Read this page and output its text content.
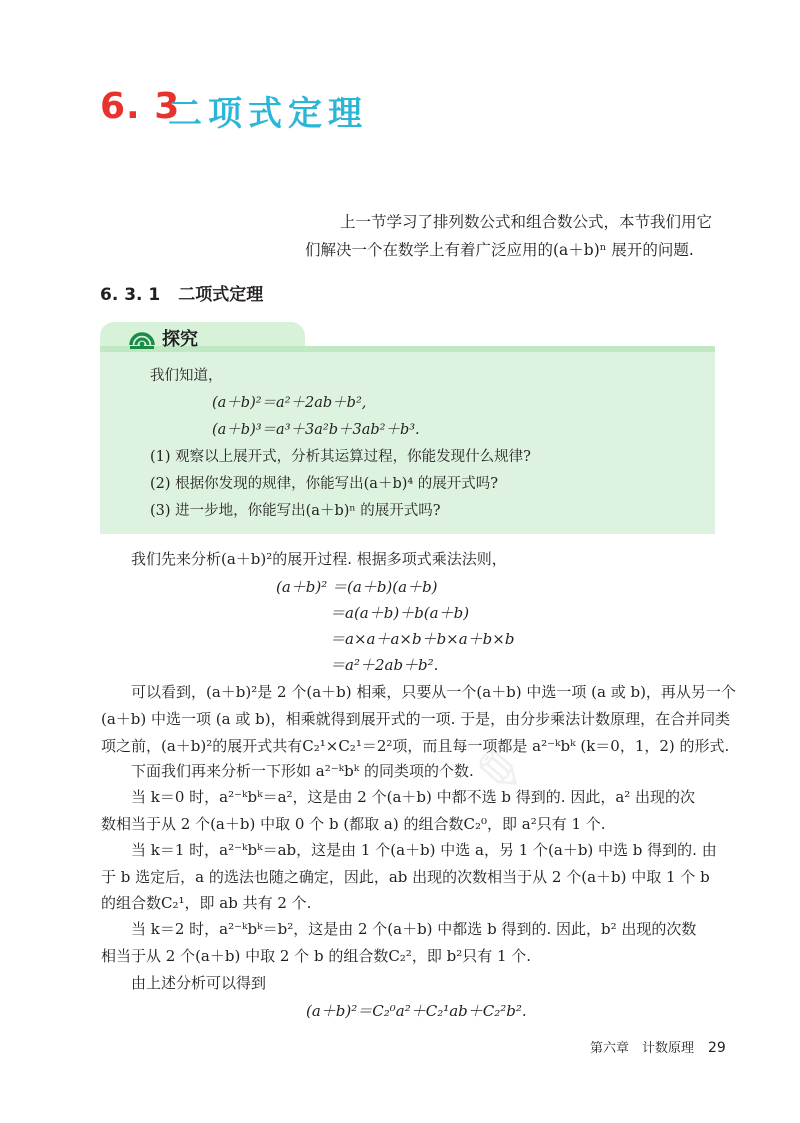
6. 3
二项式定理
上一节学习了排列数公式和组合数公式，本节我们用它
们解决一个在数学上有着广泛应用的(a＋b)ⁿ 展开的问题.
6. 3. 1 二项式定理
探究
我们知道，
(a＋b)²＝a²＋2ab＋b²,
(a＋b)³＝a³＋3a²b＋3ab²＋b³.
(1) 观察以上展开式，分析其运算过程，你能发现什么规律?
(2) 根据你发现的规律，你能写出(a＋b)⁴ 的展开式吗?
(3) 进一步地，你能写出(a＋b)ⁿ 的展开式吗?
我们先来分析(a＋b)²的展开过程. 根据多项式乘法法则，
(a＋b)² ＝(a＋b)(a＋b)
＝a(a＋b)＋b(a＋b)
＝a×a＋a×b＋b×a＋b×b
＝a²＋2ab＋b².
✎
可以看到，(a＋b)²是 2 个(a＋b) 相乘，只要从一个(a＋b) 中选一项 (a 或 b)，再从另一个
(a＋b) 中选一项 (a 或 b)，相乘就得到展开式的一项. 于是，由分步乘法计数原理，在合并同类
项之前，(a＋b)²的展开式共有C₂¹×C₂¹＝2²项，而且每一项都是 a²⁻ᵏbᵏ (k＝0，1，2) 的形式.
下面我们再来分析一下形如 a²⁻ᵏbᵏ 的同类项的个数.
当 k＝0 时，a²⁻ᵏbᵏ＝a²，这是由 2 个(a＋b) 中都不选 b 得到的. 因此，a² 出现的次
数相当于从 2 个(a＋b) 中取 0 个 b (都取 a) 的组合数C₂⁰，即 a²只有 1 个.
当 k＝1 时，a²⁻ᵏbᵏ＝ab，这是由 1 个(a＋b) 中选 a，另 1 个(a＋b) 中选 b 得到的. 由
于 b 选定后，a 的选法也随之确定，因此，ab 出现的次数相当于从 2 个(a＋b) 中取 1 个 b
的组合数C₂¹，即 ab 共有 2 个.
当 k＝2 时，a²⁻ᵏbᵏ＝b²，这是由 2 个(a＋b) 中都选 b 得到的. 因此，b² 出现的次数
相当于从 2 个(a＋b) 中取 2 个 b 的组合数C₂²，即 b²只有 1 个.
由上述分析可以得到
(a＋b)²＝C₂⁰a²＋C₂¹ab＋C₂²b².
第六章　计数原理 29
